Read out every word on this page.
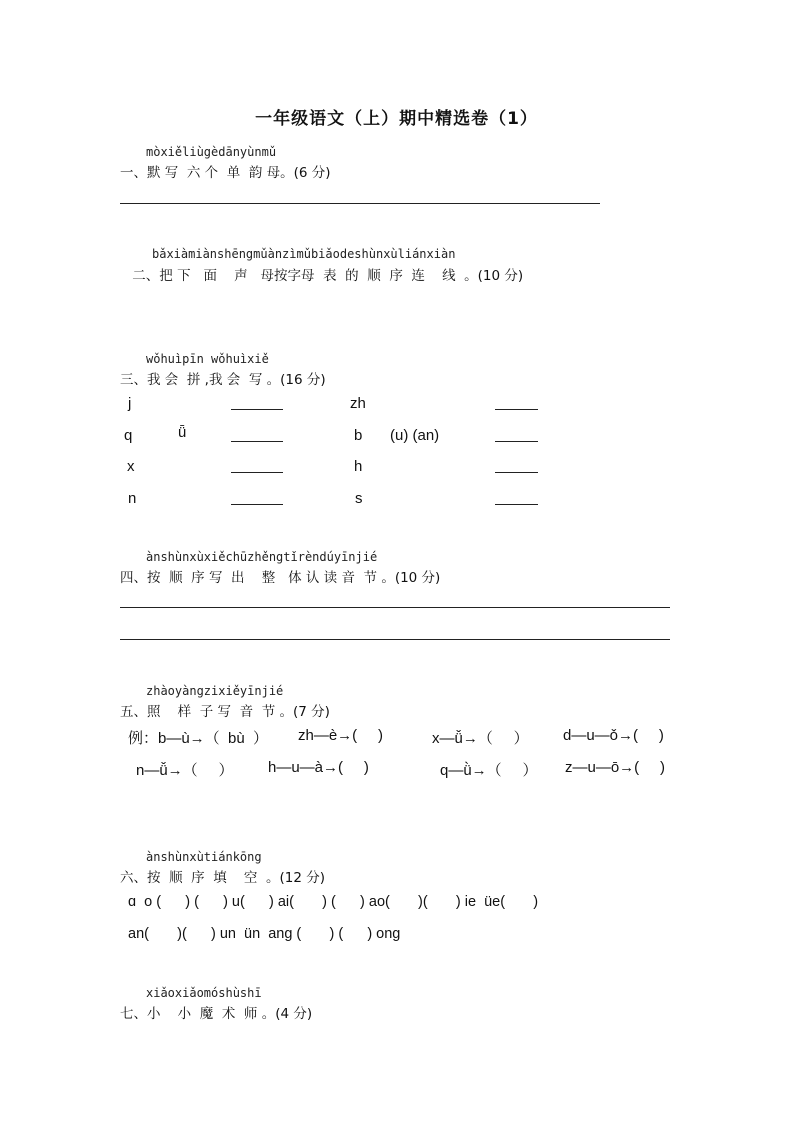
一年级语文（上）期中精选卷（1）
mòxiěliùgèdānyùnmǔ
一、默 写  六 个  单  韵 母。(6 分)
bǎxiàmiànshēngmǔànzìmǔbiǎodeshùnxùliánxiàn
二、把 下   面    声   母按字母  表  的  顺  序  连    线  。(10 分)
wǒhuìpīn wǒhuìxiě
三、我 会  拼 ,我 会  写 。(16 分)
j	zh
q	ǖ	b (u) (an)
x	h
n	s
ànshùnxùxiěchūzhěngtǐrèndúyīnjié
四、按  顺  序 写  出    整   体 认 读 音  节 。(10 分)
zhàoyàngzixiěyīnjié
五、照    样  子 写  音  节 。(7 分)
例：b—ù→（  bù  ） zh—è→(     )	x—ǚ→（     ） d—u—ǒ→(     )
n—ǚ→（     ） h—u—à→(     )	q—ǜ→（     ） z—u—ō→(     )
ànshùnxùtiánkōng
六、按  顺  序  填    空  。(12 分)
ɑ  o (      ) (      ) u(      ) ai(       ) (      ) ao(       )(       ) ie  üe(       )
an(       )(      ) un  ün  ang (       ) (      ) ong
xiǎoxiǎomóshùshī
七、小    小  魔  术  师 。(4 分)
